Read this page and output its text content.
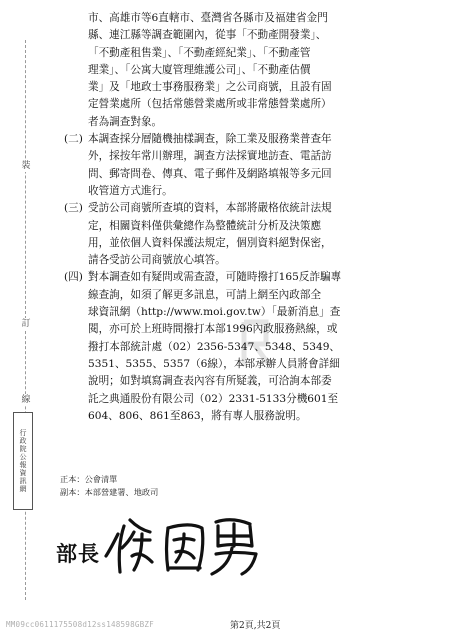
裝
訂
線
行政院公報資訊網
市、高雄市等6直轄市、臺灣省各縣市及福建省金門
縣、連江縣等調查範圍內，從事「不動產開發業」、
「不動產租售業」、「不動產經紀業」、「不動產管
理業」、「公寓大廈管理維護公司」、「不動產估價
業」及「地政士事務服務業」之公司商號，且設有固
定營業處所（包括常態營業處所或非常態營業處所）
者為調查對象。
(二) 本調查採分層隨機抽樣調查，除工業及服務業普查年
外，採按年常川辦理，調查方法採實地訪查、電話訪
問、郵寄問卷、傳真、電子郵件及網路填報等多元回
收管道方式進行。
(三) 受訪公司商號所查填的資料，本部將嚴格依統計法規
定，相關資料僅供彙總作為整體統計分析及決策應
用，並依個人資料保護法規定，個別資料絕對保密，
請各受訪公司商號放心填答。
(四) 對本調查如有疑問或需查證，可隨時撥打165反詐騙專
線查詢，如須了解更多訊息，可請上網至內政部全
球資訊網（http://www.moi.gov.tw）「最新消息」查
閱，亦可於上班時間撥打本部1996內政服務熱線，或
撥打本部統計處（02）2356-5347、5348、5349、
5351、5355、5357（6線），本部承辦人員將會詳細
說明；如對填寫調查表內容有所疑義，可洽詢本部委
託之典通股份有限公司（02）2331-5133分機601至
604、806、861至863，將有專人服務說明。
正本：公會清單
副本：本部營建署、地政司
部長
MM09cc0611175508d12ss148598GBZF	第2頁,共2頁
